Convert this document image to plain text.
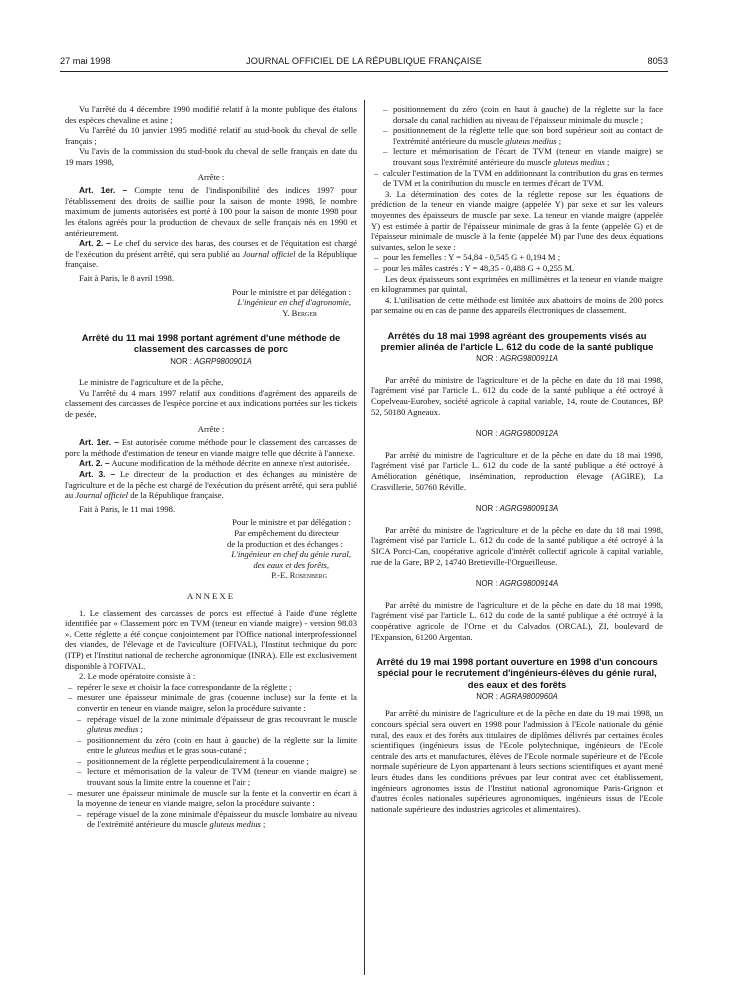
27 mai 1998	JOURNAL OFFICIEL DE LA RÉPUBLIQUE FRANÇAISE	8053

Vu l'arrêté du 4 décembre 1990 modifié relatif à la monte publique des étalons des espèces chevaline et asine ;

Vu l'arrêté du 10 janvier 1995 modifié relatif au stud-book du cheval de selle français ;

Vu l'avis de la commission du stud-book du cheval de selle français en date du 19 mars 1998,

Arrête :

Art. 1er. – Compte tenu de l'indisponibilité des indices 1997 pour l'établissement des droits de saillie pour la saison de monte 1998, le nombre maximum de juments autorisées est porté à 100 pour la saison de monte 1998 pour les étalons agréés pour la production de chevaux de selle français nés en 1990 et antérieurement.

Art. 2. – Le chef du service des haras, des courses et de l'équitation est chargé de l'exécution du présent arrêté, qui sera publié au Journal officiel de la République française.

Fait à Paris, le 8 avril 1998.

Pour le ministre et par délégation :

L'ingénieur en chef d'agronomie,

Y. Berger

Arrêté du 11 mai 1998 portant agrément d'une méthode de classement des carcasses de porc

NOR : AGRP9800901A

Le ministre de l'agriculture et de la pêche,

Vu l'arrêté du 4 mars 1997 relatif aux conditions d'agrément des appareils de classement des carcasses de l'espèce porcine et aux indications portées sur les tickets de pesée,

Arrête :

Art. 1er. – Est autorisée comme méthode pour le classement des carcasses de porc la méthode d'estimation de teneur en viande maigre telle que décrite à l'annexe.

Art. 2. – Aucune modification de la méthode décrite en annexe n'est autorisée.

Art. 3. – Le directeur de la production et des échanges au ministère de l'agriculture et de la pêche est chargé de l'exécution du présent arrêté, qui sera publié au Journal officiel de la République française.

Fait à Paris, le 11 mai 1998.

Pour le ministre et par délégation :

Par empêchement du directeur

de la production et des échanges :

L'ingénieur en chef du génie rural,

des eaux et des forêts,

P.-E. Rosenberg

ANNEXE

1. Le classement des carcasses de porcs est effectué à l'aide d'une réglette identifiée par « Classement porc en TVM (teneur en viande maigre) - version 98.03 ». Cette réglette a été conçue conjointement par l'Office national interprofessionnel des viandes, de l'élevage et de l'aviculture (OFIVAL), l'Institut technique du porc (ITP) et l'Institut national de recherche agronomique (INRA). Elle est exclusivement disponible à l'OFIVAL.

2. Le mode opératoire consiste à :

– repérer le sexe et choisir la face correspondante de la réglette ;
– mesurer une épaisseur minimale de gras (couenne incluse) sur la fente et la convertir en teneur en viande maigre, selon la procédure suivante :
– repérage visuel de la zone minimale d'épaisseur de gras recouvrant le muscle gluteus medius ;
– positionnement du zéro (coin en haut à gauche) de la réglette sur la limite entre le gluteus medius et le gras sous-cutané ;
– positionnement de la réglette perpendiculairement à la couenne ;
– lecture et mémorisation de la valeur de TVM (teneur en viande maigre) se trouvant sous la limite entre la couenne et l'air ;
– mesurer une épaisseur minimale de muscle sur la fente et la convertir en écart à la moyenne de teneur en viande maigre, selon la procédure suivante :
– repérage visuel de la zone minimale d'épaisseur du muscle lombaire au niveau de l'extrémité antérieure du muscle gluteus medius ;
– positionnement du zéro (coin en haut à gauche) de la réglette sur la face dorsale du canal rachidien au niveau de l'épaisseur minimale du muscle ;
– positionnement de la réglette telle que son bord supérieur soit au contact de l'extrémité antérieure du muscle gluteus medius ;
– lecture et mémorisation de l'écart de TVM (teneur en viande maigre) se trouvant sous l'extrémité antérieure du muscle gluteus medius ;
– calculer l'estimation de la TVM en additionnant la contribution du gras en termes de TVM et la contribution du muscle en termes d'écart de TVM.

3. La détermination des cotes de la réglette repose sur les équations de prédiction de la teneur en viande maigre (appelée Y) par sexe et sur les valeurs moyennes des épaisseurs de muscle par sexe. La teneur en viande maigre (appelée Y) est estimée à partir de l'épaisseur minimale de gras à la fente (appelée G) et de l'épaisseur minimale de muscle à la fente (appelée M) par l'une des deux équations suivantes, selon le sexe :

– pour les femelles : Y = 54,84 - 0,545 G + 0,194 M ;
– pour les mâles castrés : Y = 48,35 - 0,488 G + 0,255 M.

Les deux épaisseurs sont exprimées en millimètres et la teneur en viande maigre en kilogrammes par quintal.

4. L'utilisation de cette méthode est limitée aux abattoirs de moins de 200 porcs par semaine ou en cas de panne des appareils électroniques de classement.

Arrêtés du 18 mai 1998 agréant des groupements visés au premier alinéa de l'article L. 612 du code de la santé publique

NOR : AGRG9800911A

Par arrêté du ministre de l'agriculture et de la pêche en date du 18 mai 1998, l'agrément visé par l'article L. 612 du code de la santé publique a été octroyé à Copelveau-Eurobev, société agricole à capital variable, 14, route de Coutances, BP 52, 50180 Agneaux.

NOR : AGRG9800912A

Par arrêté du ministre de l'agriculture et de la pêche en date du 18 mai 1998, l'agrément visé par l'article L. 612 du code de la santé publique a été octroyé à Amélioration génétique, insémination, reproduction élevage (AGIRE), La Crasvillerie, 50760 Réville.

NOR : AGRG9800913A

Par arrêté du ministre de l'agriculture et de la pêche en date du 18 mai 1998, l'agrément visé par l'article L. 612 du code de la santé publique a été octroyé à la SICA Porci-Can, coopérative agricole d'intérêt collectif agricole à capital variable, rue de la Gare, BP 2, 14740 Bretteville-l'Orgueilleuse.

NOR : AGRG9800914A

Par arrêté du ministre de l'agriculture et de la pêche en date du 18 mai 1998, l'agrément visé par l'article L. 612 du code de la santé publique a été octroyé à la coopérative agricole de l'Orne et du Calvados (ORCAL), ZI, boulevard de l'Expansion, 61200 Argentan.

Arrêté du 19 mai 1998 portant ouverture en 1998 d'un concours spécial pour le recrutement d'ingénieurs-élèves du génie rural, des eaux et des forêts

NOR : AGRA9800960A

Par arrêté du ministre de l'agriculture et de la pêche en date du 19 mai 1998, un concours spécial sera ouvert en 1998 pour l'admission à l'Ecole nationale du génie rural, des eaux et des forêts aux titulaires de diplômes délivrés par certaines écoles scientifiques (ingénieurs issus de l'Ecole polytechnique, ingénieurs de l'Ecole centrale des arts et manufactures, élèves de l'Ecole normale supérieure et de l'Ecole normale supérieure de Lyon appartenant à leurs sections scientifiques et ayant mené leurs études dans les conditions prévues par leur contrat avec cet établissement, ingénieurs agronomes issus de l'Institut national agronomique Paris-Grignon et d'autres écoles nationales supérieures agronomiques, ingénieurs issus de l'Ecole nationale supérieure des industries agricoles et alimentaires).
